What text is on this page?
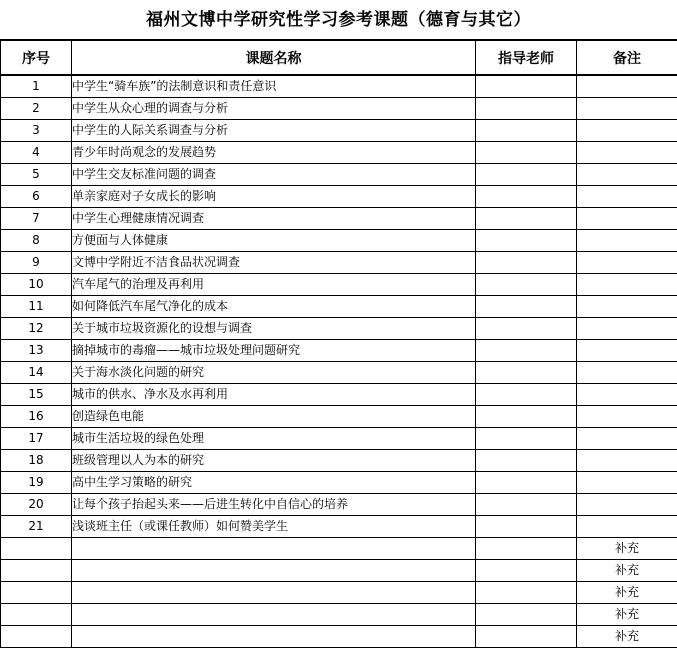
福州文博中学研究性学习参考课题（德育与其它）
序号	课题名称	指导老师	备注
1	中学生“骑车族”的法制意识和责任意识		
2	中学生从众心理的调查与分析		
3	中学生的人际关系调查与分析		
4	青少年时尚观念的发展趋势		
5	中学生交友标准问题的调查		
6	单亲家庭对子女成长的影响		
7	中学生心理健康情况调查		
8	方便面与人体健康		
9	文博中学附近不洁食品状况调查		
10	汽车尾气的治理及再利用		
11	如何降低汽车尾气净化的成本		
12	关于城市垃圾资源化的设想与调查		
13	摘掉城市的毒瘤——城市垃圾处理问题研究		
14	关于海水淡化问题的研究		
15	城市的供水、净水及水再利用		
16	创造绿色电能		
17	城市生活垃圾的绿色处理		
18	班级管理以人为本的研究		
19	高中生学习策略的研究		
20	让每个孩子抬起头来——后进生转化中自信心的培养		
21	浅谈班主任（或课任教师）如何赞美学生		
			补充
			补充
			补充
			补充
			补充
